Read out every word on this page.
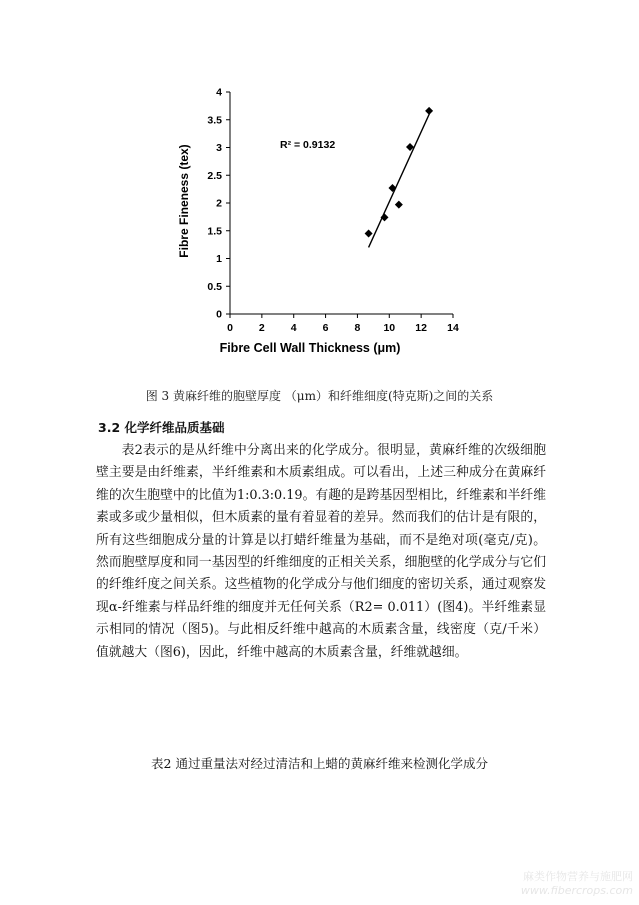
0
0.5
1
1.5
2
2.5
3
3.5
4
0 2 4 6 8 10 12 14
Fibre Fineness (tex)
Fibre Cell Wall Thickness (μm)
R² = 0.9132
图 3 黄麻纤维的胞壁厚度 （μm）和纤维细度(特克斯)之间的关系
3.2 化学纤维品质基础

表2表示的是从纤维中分离出来的化学成分。很明显，黄麻纤维的次级细胞壁主要是由纤维素，半纤维素和木质素组成。可以看出，上述三种成分在黄麻纤维的次生胞壁中的比值为1:0.3:0.19。有趣的是跨基因型相比，纤维素和半纤维素或多或少量相似，但木质素的量有着显着的差异。然而我们的估计是有限的，所有这些细胞成分量的计算是以打蜡纤维量为基础，而不是绝对项(毫克/克)。 然而胞壁厚度和同一基因型的纤维细度的正相关关系，细胞壁的化学成分与它们的纤维纤度之间关系。这些植物的化学成分与他们细度的密切关系，通过观察发现α-纤维素与样品纤维的细度并无任何关系（R2= 0.011）(图4)。半纤维素显示相同的情况（图5)。与此相反纤维中越高的木质素含量，线密度（克/千米）值就越大（图6)，因此，纤维中越高的木质素含量，纤维就越细。

表2 通过重量法对经过清洁和上蜡的黄麻纤维来检测化学成分
麻类作物营养与施肥网
www.fibercrops.com
